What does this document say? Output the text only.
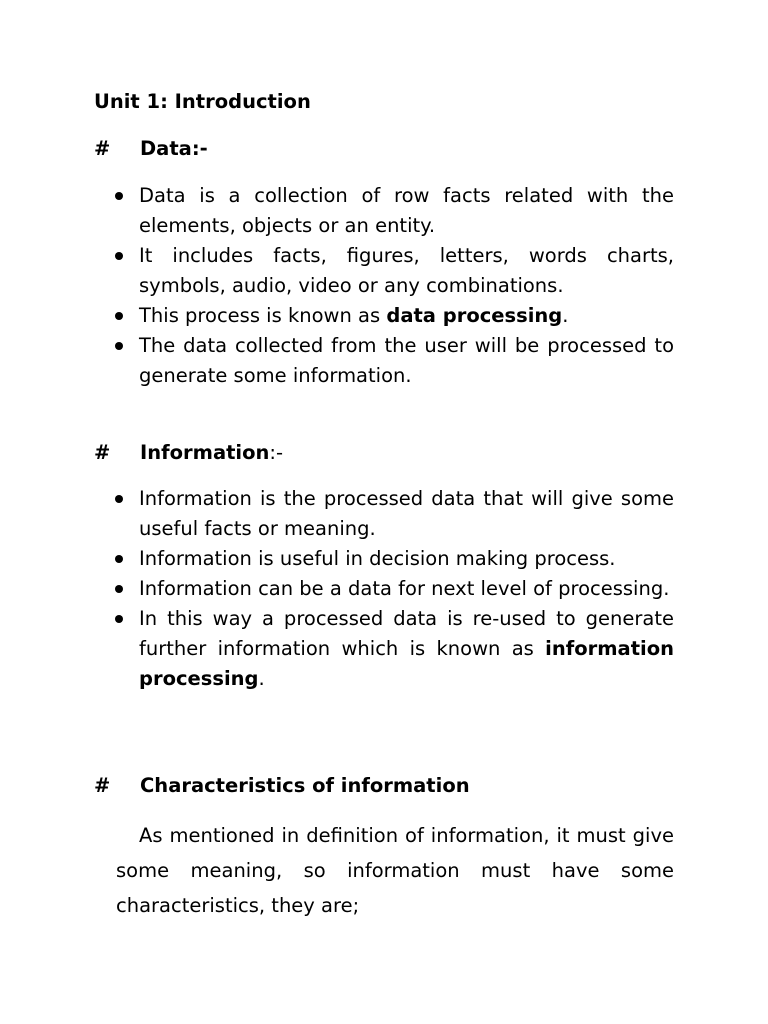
Unit 1: Introduction
# Data:-
Data is a collection of row facts related with the elements, objects or an entity.
It includes facts, figures, letters, words charts, symbols, audio, video or any combinations.
This process is known as data processing.
The data collected from the user will be processed to generate some information.
# Information:-
Information is the processed data that will give some useful facts or meaning.
Information is useful in decision making process.
Information can be a data for next level of processing.
In this way a processed data is re-used to generate further information which is known as information processing.
# Characteristics of information

As mentioned in definition of information, it must give some meaning, so information must have some characteristics, they are;
